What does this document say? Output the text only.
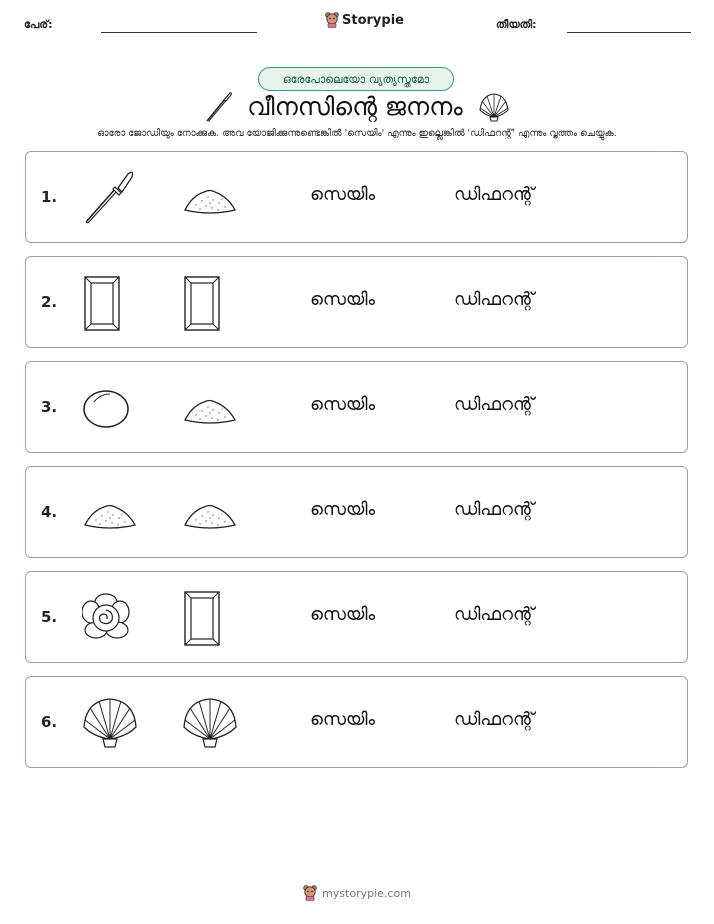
പേര്:	Storypie	തീയതി:
ഒരേപോലെയോ വ്യത്യസ്തമോ
വീനസിന്റെ ജനനം
ഓരോ ജോഡിയും നോക്കുക. അവ യോജിക്കുന്നുണ്ടെങ്കിൽ 'സെയിം' എന്നും ഇല്ലെങ്കിൽ 'ഡിഫറന്റ്' എന്നും വൃത്തം ചെയ്യുക.
1.	സെയിം	ഡിഫറന്റ്
2.	സെയിം	ഡിഫറന്റ്
3.	സെയിം	ഡിഫറന്റ്
4.	സെയിം	ഡിഫറന്റ്
5.	സെയിം	ഡിഫറന്റ്
6.	സെയിം	ഡിഫറന്റ്
mystorypie.com
